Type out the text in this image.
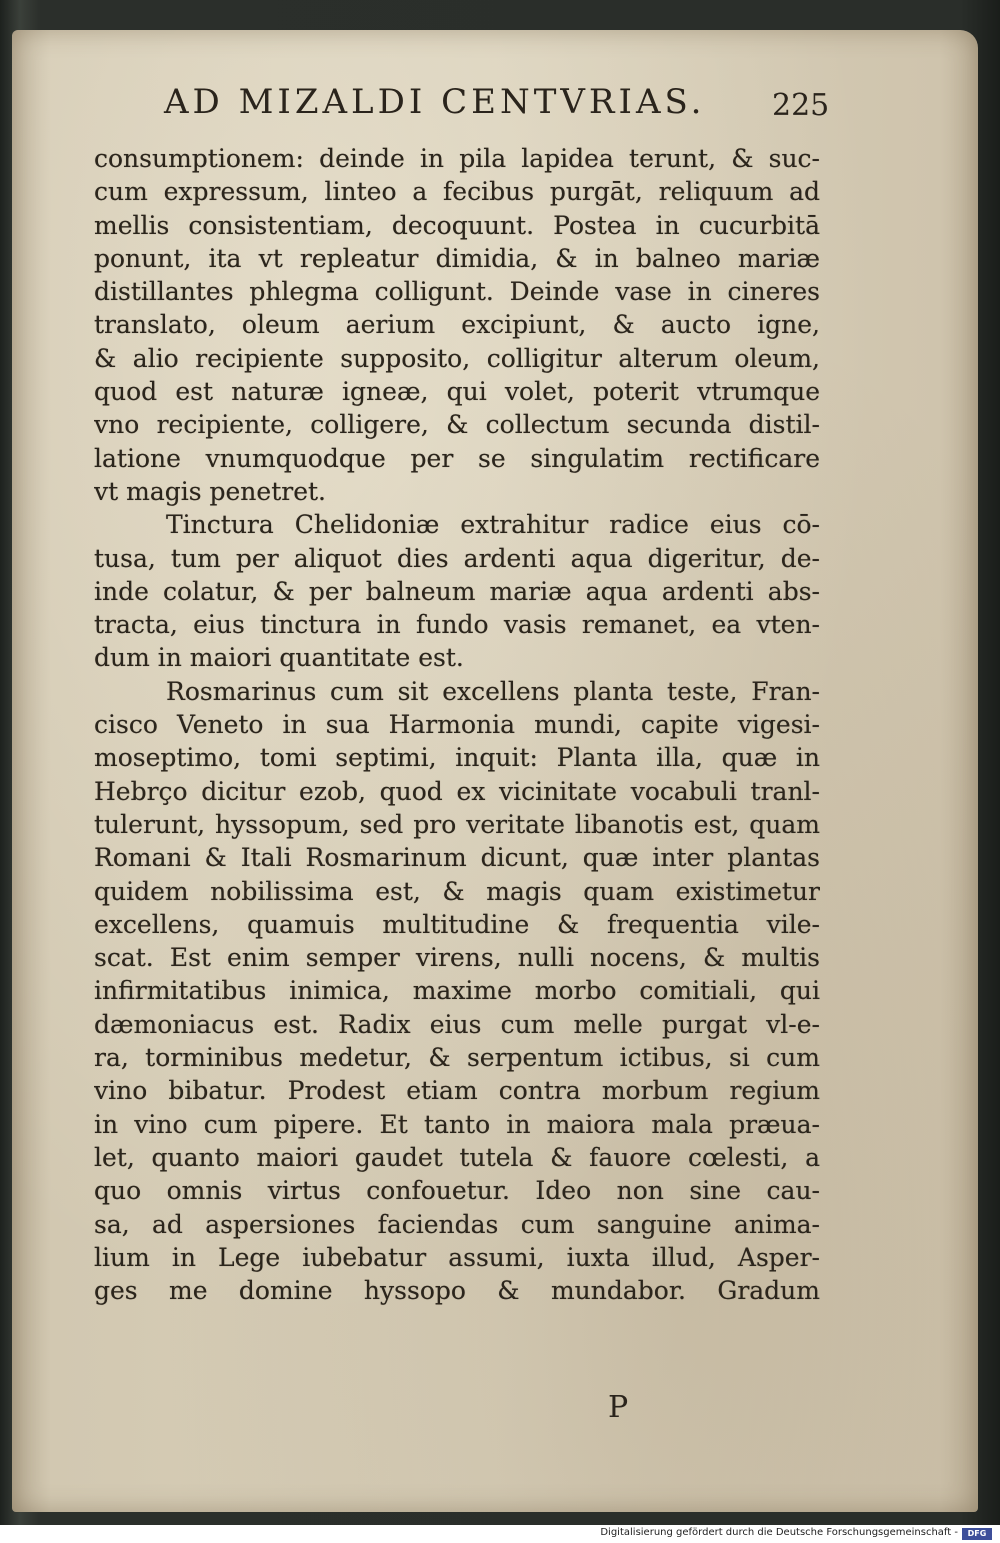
AD MIZALDI CENTVRIAS.	225
consumptionem: deinde in pila lapidea terunt, & suc-
cum expressum, linteo a fecibus purgāt, reliquum ad
mellis consistentiam, decoquunt. Postea in cucurbitā
ponunt, ita vt repleatur dimidia, & in balneo mariæ
distillantes phlegma colligunt. Deinde vase in cineres
translato, oleum aerium excipiunt, & aucto igne,
& alio recipiente supposito, colligitur alterum oleum,
quod est naturæ igneæ, qui volet, poterit vtrumque
vno recipiente, colligere, & collectum secunda distil-
latione vnumquodque per se singulatim rectificare
vt magis penetret.
Tinctura Chelidoniæ extrahitur radice eius cō-
tusa, tum per aliquot dies ardenti aqua digeritur, de-
inde colatur, & per balneum mariæ aqua ardenti abs-
tracta, eius tinctura in fundo vasis remanet, ea vten-
dum in maiori quantitate est.
Rosmarinus cum sit excellens planta teste, Fran-
cisco Veneto in sua Harmonia mundi, capite vigesi-
moseptimo, tomi septimi, inquit: Planta illa, quæ in
Hebrço dicitur ezob, quod ex vicinitate vocabuli tranl-
tulerunt, hyssopum, sed pro veritate libanotis est, quam
Romani & Itali Rosmarinum dicunt, quæ inter plantas
quidem nobilissima est, & magis quam existimetur
excellens, quamuis multitudine & frequentia vile-
scat. Est enim semper virens, nulli nocens, & multis
infirmitatibus inimica, maxime morbo comitiali, qui
dæmoniacus est. Radix eius cum melle purgat vl-e-
ra, torminibus medetur, & serpentum ictibus, si cum
vino bibatur. Prodest etiam contra morbum regium
in vino cum pipere. Et tanto in maiora mala præua-
let, quanto maiori gaudet tutela & fauore cœlesti, a
quo omnis virtus confouetur. Ideo non sine cau-
sa, ad aspersiones faciendas cum sanguine anima-
lium in Lege iubebatur assumi, iuxta illud, Asper-
ges me domine hyssopo & mundabor. Gradum
P
Digitalisierung gefördert durch die Deutsche Forschungsgemeinschaft -	DFG
